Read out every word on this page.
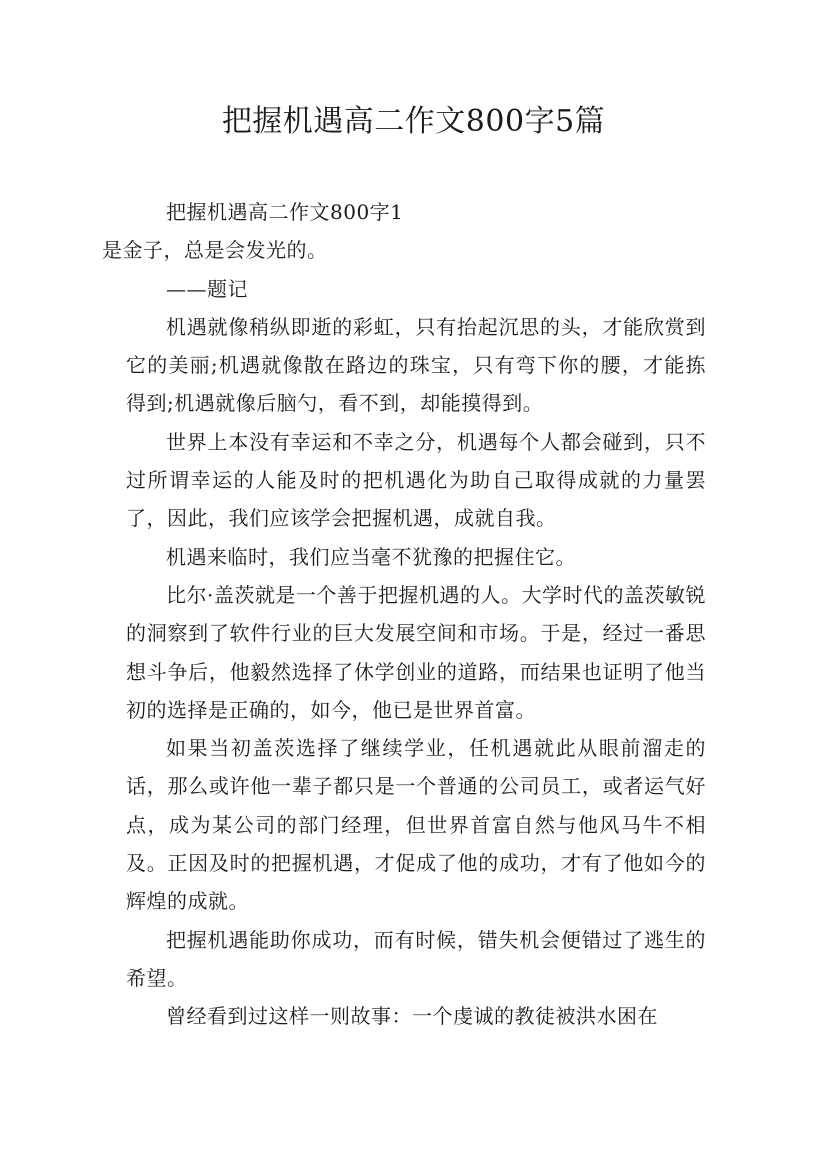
把握机遇高二作文800字5篇

把握机遇高二作文800字1

是金子，总是会发光的。

——题记

机遇就像稍纵即逝的彩虹，只有抬起沉思的头，才能欣赏到它的美丽;机遇就像散在路边的珠宝，只有弯下你的腰，才能拣得到;机遇就像后脑勺，看不到，却能摸得到。

世界上本没有幸运和不幸之分，机遇每个人都会碰到，只不过所谓幸运的人能及时的把机遇化为助自己取得成就的力量罢了，因此，我们应该学会把握机遇，成就自我。

机遇来临时，我们应当毫不犹豫的把握住它。

比尔·盖茨就是一个善于把握机遇的人。大学时代的盖茨敏锐的洞察到了软件行业的巨大发展空间和市场。于是，经过一番思想斗争后，他毅然选择了休学创业的道路，而结果也证明了他当初的选择是正确的，如今，他已是世界首富。

如果当初盖茨选择了继续学业，任机遇就此从眼前溜走的话，那么或许他一辈子都只是一个普通的公司员工，或者运气好点，成为某公司的部门经理，但世界首富自然与他风马牛不相及。正因及时的把握机遇，才促成了他的成功，才有了他如今的辉煌的成就。

把握机遇能助你成功，而有时候，错失机会便错过了逃生的希望。

曾经看到过这样一则故事：一个虔诚的教徒被洪水困在
